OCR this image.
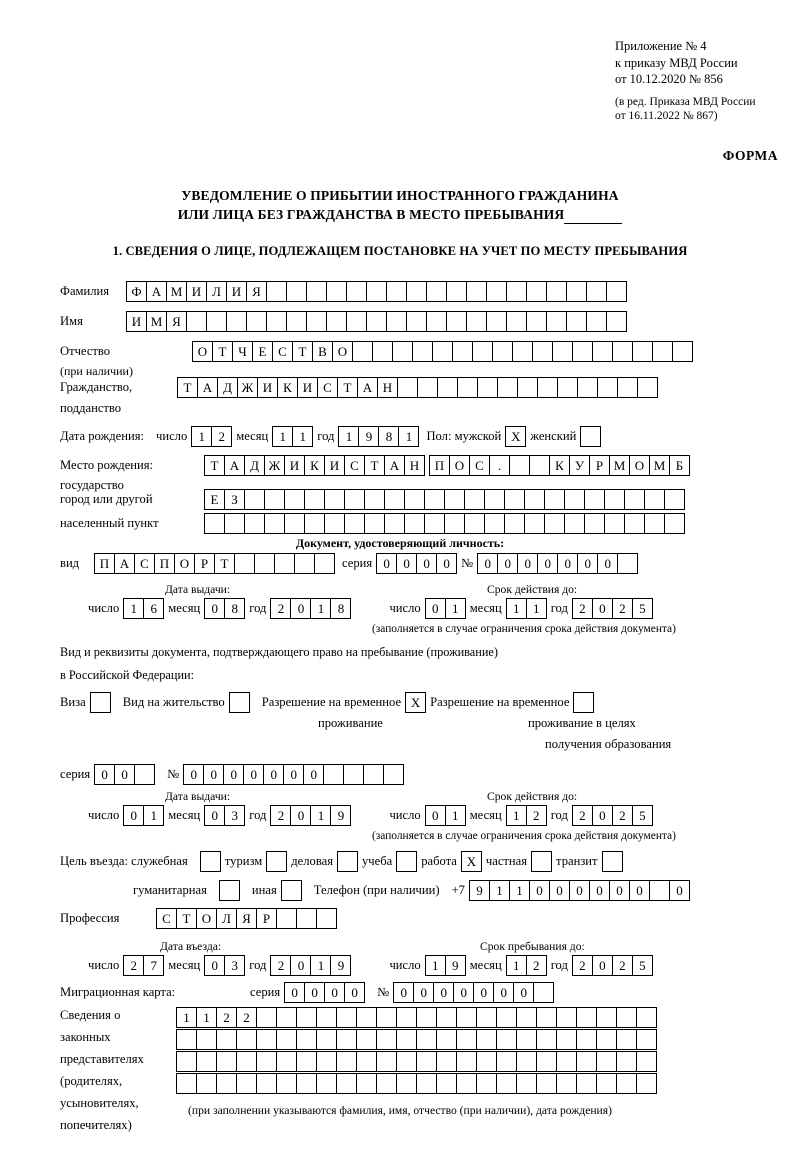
Приложение № 4
к приказу МВД России
от 10.12.2020 № 856
(в ред. Приказа МВД России
от 16.11.2022 № 867)
ФОРМА
УВЕДОМЛЕНИЕ О ПРИБЫТИИ ИНОСТРАННОГО ГРАЖДАНИНА
ИЛИ ЛИЦА БЕЗ ГРАЖДАНСТВА В МЕСТО ПРЕБЫВАНИЯ
1. СВЕДЕНИЯ О ЛИЦЕ, ПОДЛЕЖАЩЕМ ПОСТАНОВКЕ НА УЧЕТ ПО МЕСТУ ПРЕБЫВАНИЯ
Фамилия	Ф А М И Л И Я
Имя	И М Я
Отчество	О Т Ч Е С Т В О
(при наличии)
Гражданство,	Т А Д Ж И К И С Т А Н
подданство
Дата рождения: число 1	2 месяц 1	1 год 1	9	8	1	Пол: мужской X женский
Место рождения:	Т А Д Ж И К И С Т А Н	П О С	.	К У Р М О М Б
государство
город или другой	Е З
населенный пункт
Документ, удостоверяющий личность:
вид	П А С П О Р Т	серия 0	0	0	0 № 0	0	0	0	0	0	0
Дата выдачи:	Срок действия до:
число 1	6 месяц 0	8 год 2	0	1	8	число 0	1 месяц 1	1 год 2	0	2	5
(заполняется в случае ограничения срока действия документа)
Вид и реквизиты документа, подтверждающего право на пребывание (проживание)
в Российской Федерации:
Виза	Вид на жительство	Разрешение на временное X Разрешение на временное
проживание	проживание в целях
получения образования
серия 0	0	№ 0	0	0	0	0	0	0
Дата выдачи:	Срок действия до:
число 0	1 месяц 0	3 год 2	0	1	9	число 0	1 месяц 1	2 год 2	0	2	5
(заполняется в случае ограничения срока действия документа)
Цель въезда: служебная	туризм деловая учеба работа X частная транзит
гуманитарная	иная	Телефон (при наличии) +7 9	1	1	0	0	0	0	0	0	0
Профессия	С Т О Л Я Р
Дата въезда:	Срок пребывания до:
число 2	7 месяц 0	3 год 2	0	1	9	число 1	9 месяц 1	2 год 2	0	2	5
Миграционная карта:	серия 0	0	0	0	№ 0	0	0	0	0	0	0
Сведения о
законных
представителях
(родителях,
усыновителях,
попечителях)
1	1	2	2
(при заполнении указываются фамилия, имя, отчество (при наличии), дата рождения)
